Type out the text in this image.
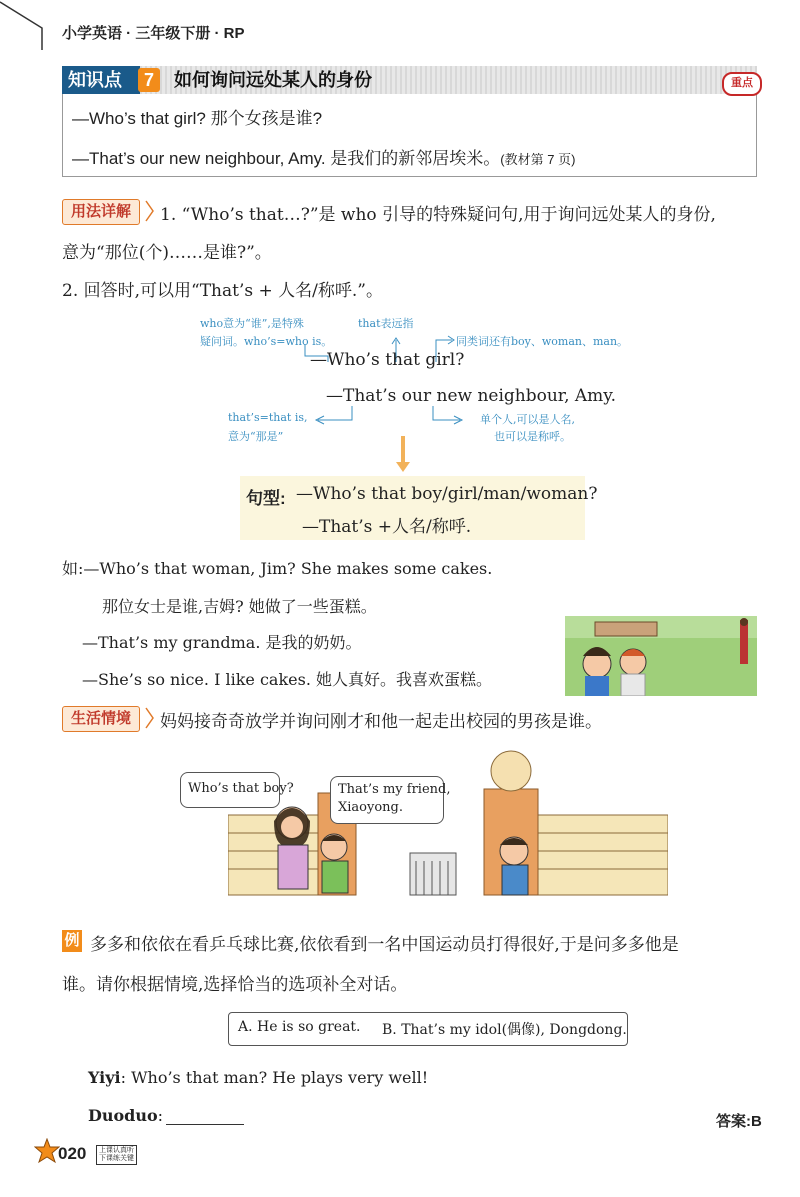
小学英语 · 三年级下册 · RP
知识点	7	如何询问远处某人的身份	重点
—Who’s that girl? 那个女孩是谁?
—That’s our new neighbour, Amy. 是我们的新邻居埃米。(教材第 7 页)
用法详解	1. “Who’s that…?”是 who 引导的特殊疑问句,用于询问远处某人的身份,
意为“那位(个)……是谁?”。
2. 回答时,可以用“That’s + 人名/称呼.”。
who意为“谁”,是特殊
疑问词。who’s=who is。
that表远指
同类词还有boy、woman、man。
—Who’s that girl?
—That’s our new neighbour, Amy.
that’s=that is,
意为“那是”
单个人,可以是人名,
也可以是称呼。
句型: —Who’s that boy/girl/man/woman?
—That’s +人名/称呼.
如:—Who’s that woman, Jim? She makes some cakes.
那位女士是谁,吉姆? 她做了一些蛋糕。
—That’s my grandma. 是我的奶奶。
—She’s so nice. I like cakes. 她人真好。我喜欢蛋糕。
生活情境	妈妈接奇奇放学并询问刚才和他一起走出校园的男孩是谁。
Who’s that boy?	That’s my friend,
Xiaoyong.
例 多多和依依在看乒乓球比赛,依依看到一名中国运动员打得很好,于是问多多他是
谁。请你根据情境,选择恰当的选项补全对话。
A. He is so great. B. That’s my idol(偶像), Dongdong.
Yiyi: Who’s that man? He plays very well!
Duoduo:	答案:B
020 上课认真听
下课练关键
